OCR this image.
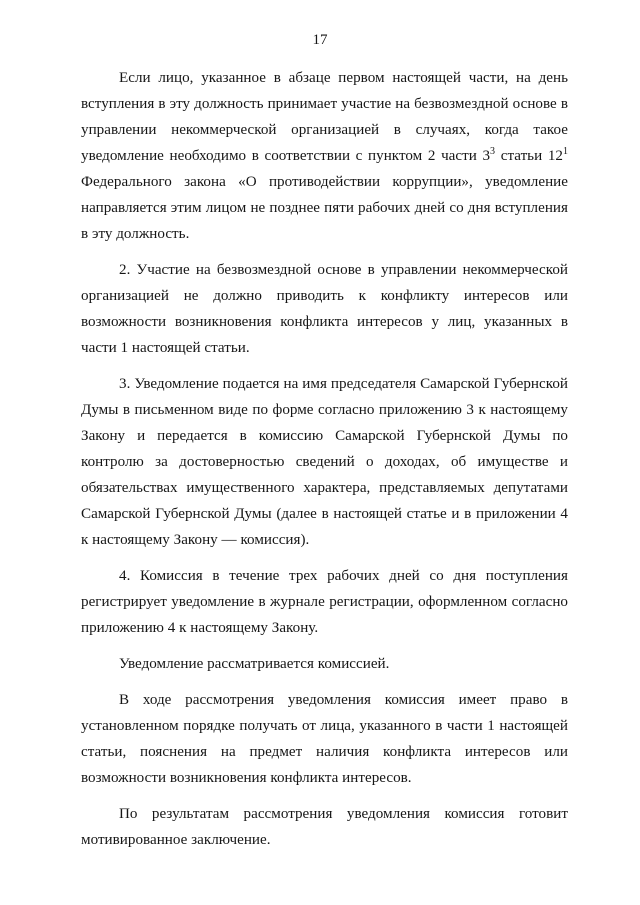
17

Если лицо, указанное в абзаце первом настоящей части, на день вступления в эту должность принимает участие на безвозмездной основе в управлении некоммерческой организацией в случаях, когда такое уведомление необходимо в соответствии с пунктом 2 части $3^3$ статьи $12^1$ Федерального закона «О противодействии коррупции», уведомление направляется этим лицом не позднее пяти рабочих дней со дня вступления в эту должность.

2. Участие на безвозмездной основе в управлении некоммерческой организацией не должно приводить к конфликту интересов или возможности возникновения конфликта интересов у лиц, указанных в части 1 настоящей статьи.

3. Уведомление подается на имя председателя Самарской Губернской Думы в письменном виде по форме согласно приложению 3 к настоящему Закону и передается в комиссию Самарской Губернской Думы по контролю за достоверностью сведений о доходах, об имуществе и обязательствах имущественного характера, представляемых депутатами Самарской Губернской Думы (далее в настоящей статье и в приложении 4 к настоящему Закону — комиссия).

4. Комиссия в течение трех рабочих дней со дня поступления регистрирует уведомление в журнале регистрации, оформленном согласно приложению 4 к настоящему Закону.

Уведомление рассматривается комиссией.

В ходе рассмотрения уведомления комиссия имеет право в установленном порядке получать от лица, указанного в части 1 настоящей статьи, пояснения на предмет наличия конфликта интересов или возможности возникновения конфликта интересов.

По результатам рассмотрения уведомления комиссия готовит мотивированное заключение.
